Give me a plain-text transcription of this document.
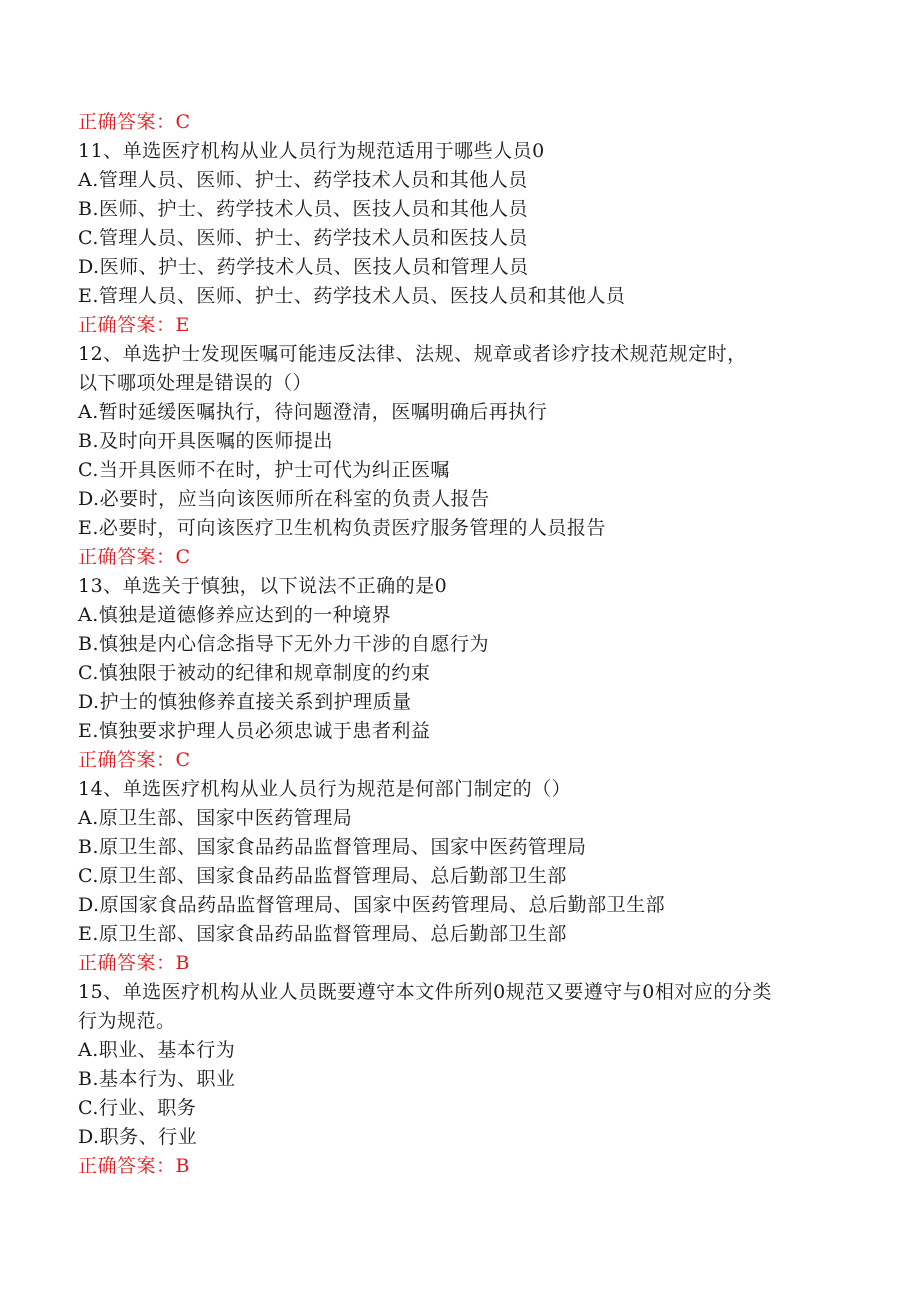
正确答案：C
11、单选医疗机构从业人员行为规范适用于哪些人员0
A.管理人员、医师、护士、药学技术人员和其他人员
B.医师、护士、药学技术人员、医技人员和其他人员
C.管理人员、医师、护士、药学技术人员和医技人员
D.医师、护士、药学技术人员、医技人员和管理人员
E.管理人员、医师、护士、药学技术人员、医技人员和其他人员
正确答案：E
12、单选护士发现医嘱可能违反法律、法规、规章或者诊疗技术规范规定时，
以下哪项处理是错误的（）
A.暂时延缓医嘱执行，待问题澄清，医嘱明确后再执行
B.及时向开具医嘱的医师提出
C.当开具医师不在时，护士可代为纠正医嘱
D.必要时，应当向该医师所在科室的负责人报告
E.必要时，可向该医疗卫生机构负责医疗服务管理的人员报告
正确答案：C
13、单选关于慎独，以下说法不正确的是0
A.慎独是道德修养应达到的一种境界
B.慎独是内心信念指导下无外力干涉的自愿行为
C.慎独限于被动的纪律和规章制度的约束
D.护士的慎独修养直接关系到护理质量
E.慎独要求护理人员必须忠诚于患者利益
正确答案：C
14、单选医疗机构从业人员行为规范是何部门制定的（）
A.原卫生部、国家中医药管理局
B.原卫生部、国家食品药品监督管理局、国家中医药管理局
C.原卫生部、国家食品药品监督管理局、总后勤部卫生部
D.原国家食品药品监督管理局、国家中医药管理局、总后勤部卫生部
E.原卫生部、国家食品药品监督管理局、总后勤部卫生部
正确答案：B
15、单选医疗机构从业人员既要遵守本文件所列0规范又要遵守与0相对应的分类
行为规范。
A.职业、基本行为
B.基本行为、职业
C.行业、职务
D.职务、行业
正确答案：B
